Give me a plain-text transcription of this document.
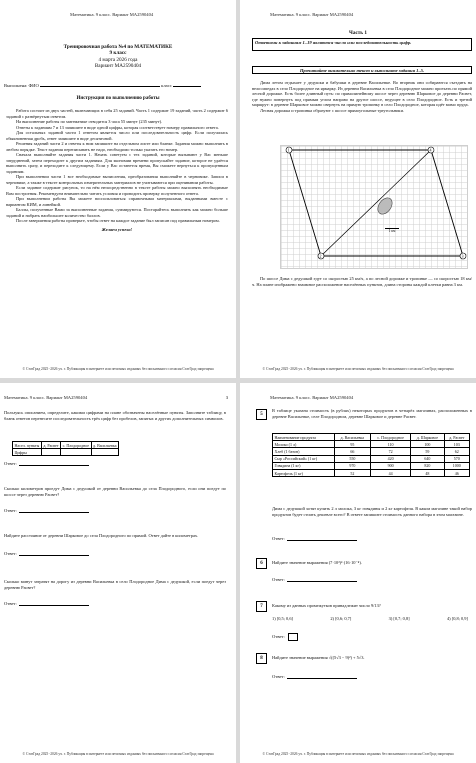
Математика. 9 класс. Вариант МА2590404
Тренировочная работа №4 по МАТЕМАТИКЕ
9 класс
4 марта 2026 года
Вариант МА2590404
Выполнена: ФИО	класс
Инструкция по выполнению работы
Работа состоит из двух частей, включающих в себя 25 заданий. Часть 1 содержит 19 заданий, часть 2 содержит 6 заданий с развёрнутым ответом.
На выполнение работы по математике отводится 3 часа 55 минут (235 минут).
Ответы к заданиям 7 и 13 запишите в виде одной цифры, которая соответствует номеру правильного ответа.
Для остальных заданий части 1 ответом является число или последовательность цифр. Если получилась обыкновенная дробь, ответ запишите в виде десятичной.
Решения заданий части 2 и ответы к ним запишите на отдельном листе или бланке. Задания можно выполнять в любом порядке. Текст задания переписывать не надо, необходимо только указать его номер.
Сначала выполняйте задания части 1. Начать советуем с тех заданий, которые вызывают у Вас меньше затруднений, затем переходите к другим заданиям. Для экономии времени пропускайте задание, которое не удаётся выполнить сразу, и переходите к следующему. Если у Вас останется время, Вы сможете вернуться к пропущенным заданиям.
При выполнении части 1 все необходимые вычисления, преобразования выполняйте в черновике. Записи в черновике, а также в тексте контрольных измерительных материалов не учитываются при оценивании работы.
Если задание содержит рисунок, то на нём непосредственно в тексте работы можно выполнять необходимые Вам построения. Рекомендуем внимательно читать условия и проводить проверку полученного ответа.
При выполнении работы Вы можете воспользоваться справочными материалами, выданными вместе с вариантом КИМ, и линейкой.
Баллы, полученные Вами за выполненные задания, суммируются. Постарайтесь выполнить как можно больше заданий и набрать наибольшее количество баллов.
После завершения работы проверьте, чтобы ответ на каждое задание был записан под правильным номером.
Желаем успеха!
© СтатГрад 2025−2026 уч. г. Публикация в интернете или печатных изданиях без письменного согласия СтатГрад запрещена
Математика. 9 класс. Вариант МА2590404
Часть 1
Ответами к заданиям 1–19 являются число или последовательность цифр.
Прочитайте внимательно текст и выполните задания 1–5.
Дима летом отдыхает у дедушки и бабушки в деревне Васильевке. Во вторник они собираются съездить на велосипедах в село Плодородное на ярмарку. Из деревни Васильевка в село Плодородное можно проехать по прямой лесной дорожке. Есть более длинный путь: по прямолинейному шоссе через деревню Шарковое до деревни Расвет, где нужно повернуть под прямым углом направо на другое шоссе, ведущее в село Плодородное. Есть и третий маршрут: в деревне Шарковое можно свернуть на прямую тропинку в село Плодородное, которая идёт мимо пруда.
Лесная дорожка и тропинка образуют с шоссе прямоугольные треугольники.
1
2	3
4
1 км
По шоссе Дима с дедушкой едут со скоростью 25 км/ч, а по лесной дорожке и тропинке — со скоростью 18 км/ч. На плане изображено взаимное расположение населённых пунктов, длина стороны каждой клетки равна 3 км.
© СтатГрад 2025−2026 уч. г. Публикация в интернете или печатных изданиях без письменного согласия СтатГрад запрещена
Математика. 9 класс. Вариант МА2590404	3
Пользуясь описанием, определите, какими цифрами на плане обозначены населённые пункты. Заполните таблицу, в бланк ответов перенесите последовательность трёх цифр без пробелов, запятых и других дополнительных символов.
Насел. пункты	д. Расвет	с. Плодородное	д. Васильевка
Цифры			
Ответ:
Сколько километров проедут Дима с дедушкой от деревни Васильевка до села Плодородного, если они поедут по шоссе через деревню Расвет?
Ответ:
Найдите расстояние от деревни Шарковое до села Плодородного по прямой. Ответ дайте в километрах.
Ответ:
Сколько минут затратят на дорогу из деревни Васильевка в село Плодородное Дима с дедушкой, если поедут через деревню Расвет?
Ответ:
© СтатГрад 2025−2026 уч. г. Публикация в интернете или печатных изданиях без письменного согласия СтатГрад запрещена
Математика. 9 класс. Вариант МА2590404
5
В таблице указана стоимость (в рублях) некоторых продуктов в четырёх магазинах, расположенных в деревне Васильевке, селе Плодородном, деревне Шарковое и деревне Расвет.
Наименование продукта	д. Васильевка	с. Плодородное	д. Шарковое	д. Расвет
Молоко (1 л)	95	110	100	103
Хлеб (1 батон)	66	72	59	62
Сыр «Российский» (1 кг)	550	420	640	570
Говядина (1 кг)	970	900	820	1000
Картофель (1 кг)	52	44	48	46
Дима с дедушкой хотят купить 2 л молока, 3 кг говядины и 2 кг картофеля. В каком магазине такой набор продуктов будет стоить дешевле всего? В ответе запишите стоимость данного набора в этом магазине.
Ответ:
6	Найдите значение выражения (7·10³)²·(16·10⁻⁴).
Ответ:
7	Какому из данных промежутков принадлежит число 9/13?
1) [0,5; 0,6]	2) [0,6; 0,7]	3) [0,7; 0,8]	4) [0,8; 0,9]
Ответ:
8	Найдите значение выражения √((5√3 − 9)²) + 5√3.
Ответ:
© СтатГрад 2025−2026 уч. г. Публикация в интернете или печатных изданиях без письменного согласия СтатГрад запрещена
